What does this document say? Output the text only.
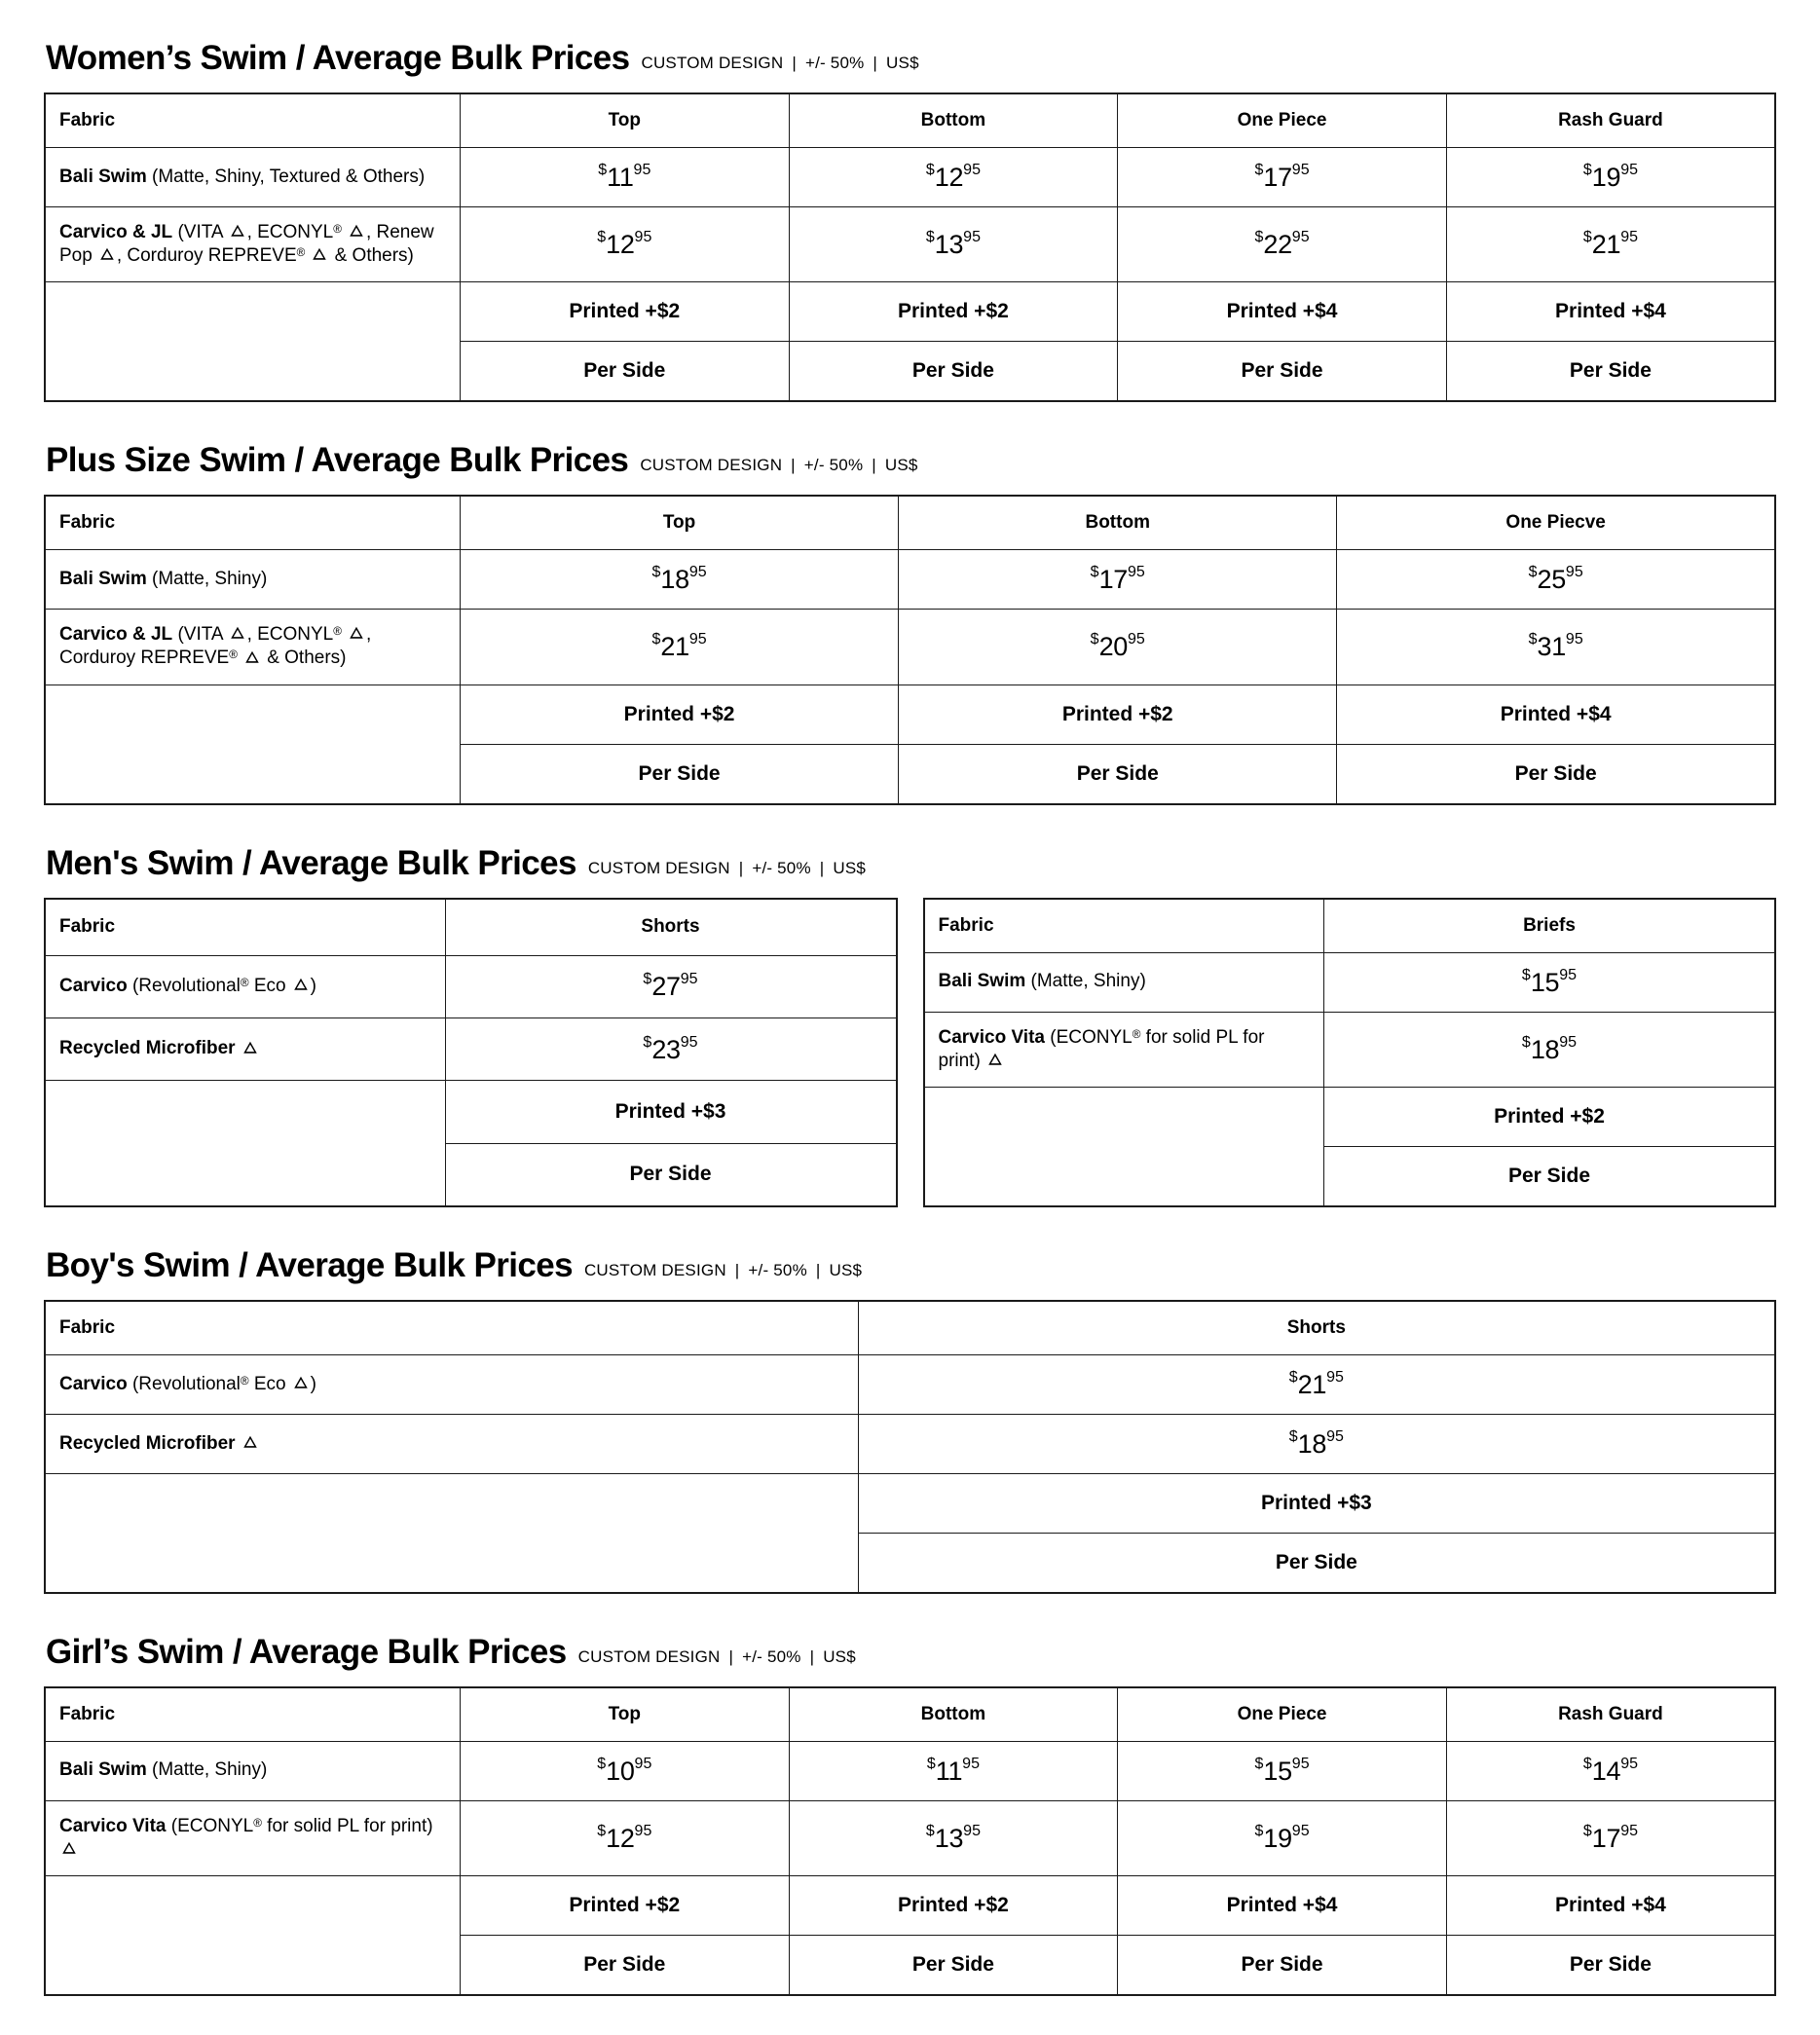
Women’s Swim / Average Bulk Prices CUSTOM DESIGN | +/- 50% | US$
Fabric	Top	Bottom	One Piece	Rash Guard

Bali Swim (Matte, Shiny, Textured & Others)	$^{\$}11^{95}$	$^{\$}12^{95}$	$^{\$}17^{95}$	$^{\$}19^{95}$

Carvico & JL (VITA
, ECONYL® , Renew Pop
, Corduroy REPREVE®
& Others)	$^{\$}12^{95}$	$^{\$}13^{95}$	$^{\$}22^{95}$	$^{\$}21^{95}$

	Printed +$2	Printed +$2	Printed +$4	Printed +$4

	Per Side	Per Side	Per Side	Per Side
Plus Size Swim / Average Bulk Prices CUSTOM DESIGN | +/- 50% | US$
Fabric	Top	Bottom	One Piecve

Bali Swim (Matte, Shiny)	$^{\$}18^{95}$	$^{\$}17^{95}$	$^{\$}25^{95}$

Carvico & JL (VITA
, ECONYL® , Corduroy REPREVE®
& Others)	$^{\$}21^{95}$	$^{\$}20^{95}$	$^{\$}31^{95}$

	Printed +$2	Printed +$2	Printed +$4

	Per Side	Per Side	Per Side
Men's Swim / Average Bulk Prices CUSTOM DESIGN | +/- 50% | US$
Fabric	Shorts

Carvico (Revolutional® Eco
)	$^{\$}27^{95}$

Recycled Microfiber	$^{\$}23^{95}$

	Printed +$3

	Per Side
Fabric	Briefs

Bali Swim (Matte, Shiny)	$^{\$}15^{95}$

Carvico Vita (ECONYL® for solid PL for print)	$^{\$}18^{95}$

	Printed +$2

	Per Side
Boy's Swim / Average Bulk Prices CUSTOM DESIGN | +/- 50% | US$
Fabric	Shorts

Carvico (Revolutional® Eco
)	$^{\$}21^{95}$

Recycled Microfiber	$^{\$}18^{95}$

	Printed +$3

	Per Side
Girl’s Swim / Average Bulk Prices CUSTOM DESIGN | +/- 50% | US$
Fabric	Top	Bottom	One Piece	Rash Guard

Bali Swim (Matte, Shiny)	$^{\$}10^{95}$	$^{\$}11^{95}$	$^{\$}15^{95}$	$^{\$}14^{95}$

Carvico Vita (ECONYL® for solid PL for print)	$^{\$}12^{95}$	$^{\$}13^{95}$	$^{\$}19^{95}$	$^{\$}17^{95}$

	Printed +$2	Printed +$2	Printed +$4	Printed +$4

	Per Side	Per Side	Per Side	Per Side
